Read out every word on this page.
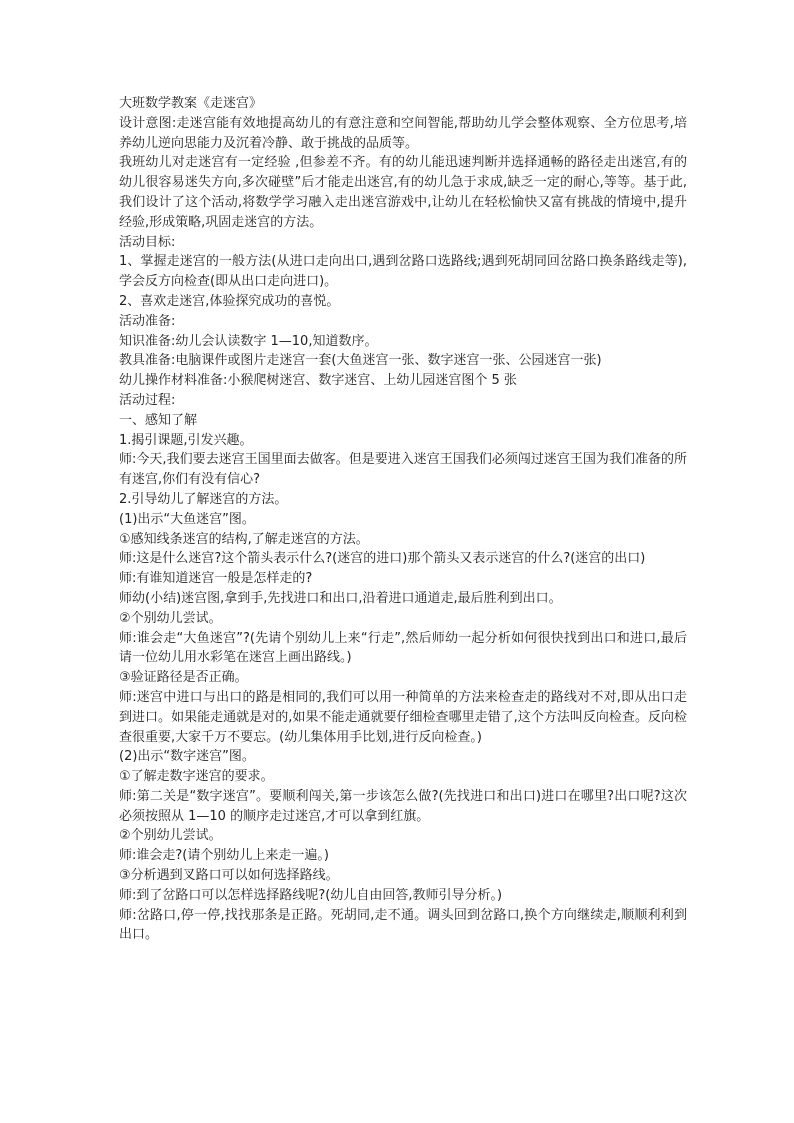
大班数学教案《走迷宫》

设计意图:走迷宫能有效地提高幼儿的有意注意和空间智能,帮助幼儿学会整体观察、全方位思考,培养幼儿逆向思能力及沉着冷静、敢于挑战的品质等。

我班幼儿对走迷宫有一定经验 ,但参差不齐。有的幼儿能迅速判断并选择通畅的路径走出迷宫,有的幼儿很容易迷失方向,多次碰壁”后才能走出迷宫,有的幼儿急于求成,缺乏一定的耐心,等等。基于此,我们设计了这个活动,将数学学习融入走出迷宫游戏中,让幼儿在轻松愉快又富有挑战的情境中,提升经验,形成策略,巩固走迷宫的方法。

活动目标:

1、掌握走迷宫的一般方法(从进口走向出口,遇到岔路口选路线;遇到死胡同回岔路口换条路线走等),学会反方向检查(即从出口走向进口)。

2、喜欢走迷宫,体验探究成功的喜悦。

活动准备:

知识准备:幼儿会认读数字 1—10,知道数序。

教具准备:电脑课件或图片走迷宫一套(大鱼迷宫一张、数字迷宫一张、公园迷宫一张)

幼儿操作材料准备:小猴爬树迷宫、数字迷宫、上幼儿园迷宫图个 5 张

活动过程:

一、感知了解

1.揭引课题,引发兴趣。

师:今天,我们要去迷宫王国里面去做客。但是要进入迷宫王国我们必须闯过迷宫王国为我们准备的所有迷宫,你们有没有信心?

2.引导幼儿了解迷宫的方法。

(1)出示“大鱼迷宫”图。

①感知线条迷宫的结构,了解走迷宫的方法。

师:这是什么迷宫?这个箭头表示什么?(迷宫的进口)那个箭头又表示迷宫的什么?(迷宫的出口)

师:有谁知道迷宫一般是怎样走的?

师幼(小结)迷宫图,拿到手,先找进口和出口,沿着进口通道走,最后胜利到出口。

②个别幼儿尝试。

师:谁会走“大鱼迷宫”?(先请个别幼儿上来“行走”,然后师幼一起分析如何很快找到出口和进口,最后请一位幼儿用水彩笔在迷宫上画出路线。)

③验证路径是否正确。

师:迷宫中进口与出口的路是相同的,我们可以用一种简单的方法来检查走的路线对不对,即从出口走到进口。如果能走通就是对的,如果不能走通就要仔细检查哪里走错了,这个方法叫反向检查。反向检查很重要,大家千万不要忘。(幼儿集体用手比划,进行反向检查。)

(2)出示“数字迷宫”图。

①了解走数字迷宫的要求。

师:第二关是“数字迷宫”。要顺利闯关,第一步该怎么做?(先找进口和出口)进口在哪里?出口呢?这次必须按照从 1—10 的顺序走过迷宫,才可以拿到红旗。

②个别幼儿尝试。

师:谁会走?(请个别幼儿上来走一遍。)

③分析遇到叉路口可以如何选择路线。

师:到了岔路口可以怎样选择路线呢?(幼儿自由回答,教师引导分析。)

师:岔路口,停一停,找找那条是正路。死胡同,走不通。调头回到岔路口,换个方向继续走,顺顺利利到出口。
